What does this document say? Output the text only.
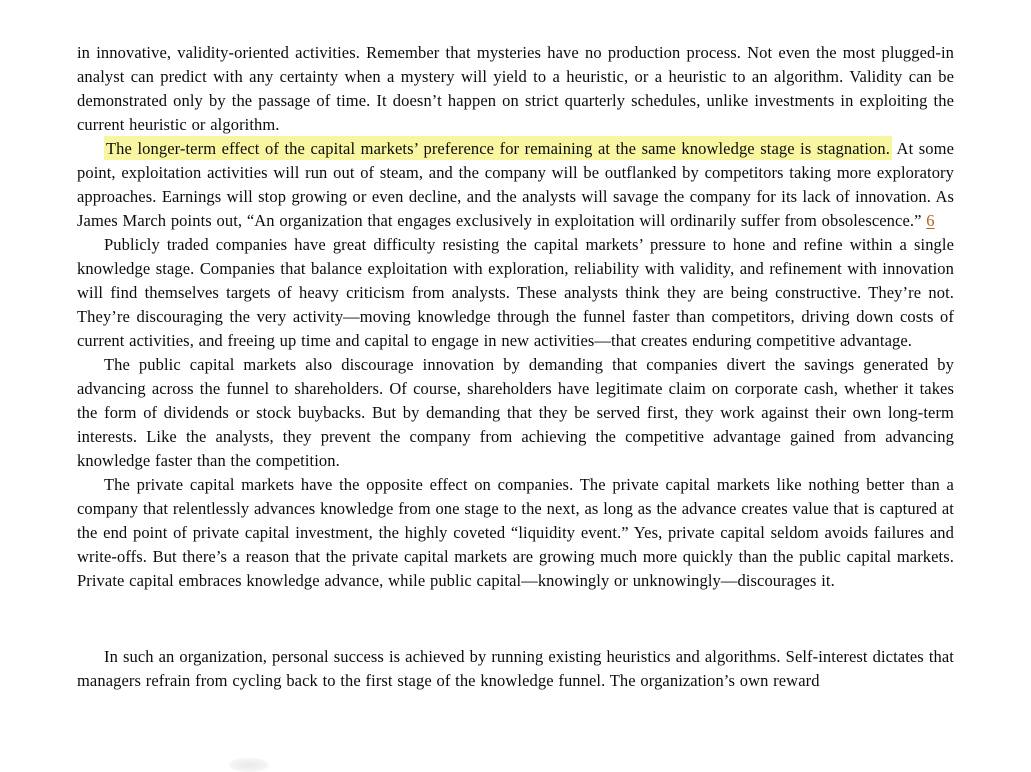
in innovative, validity-oriented activities. Remember that mysteries have no production process. Not even the most plugged-in analyst can predict with any certainty when a mystery will yield to a heuristic, or a heuristic to an algorithm. Validity can be demonstrated only by the passage of time. It doesn’t happen on strict quarterly schedules, unlike investments in exploiting the current heuristic or algorithm.

The longer-term effect of the capital markets’ preference for remaining at the same knowledge stage is stagnation. At some point, exploitation activities will run out of steam, and the company will be outflanked by competitors taking more exploratory approaches. Earnings will stop growing or even decline, and the analysts will savage the company for its lack of innovation. As James March points out, “An organization that engages exclusively in exploitation will ordinarily suffer from obsolescence.” 6

Publicly traded companies have great difficulty resisting the capital markets’ pressure to hone and refine within a single knowledge stage. Companies that balance exploitation with exploration, reliability with validity, and refinement with innovation will find themselves targets of heavy criticism from analysts. These analysts think they are being constructive. They’re not. They’re discouraging the very activity—moving knowledge through the funnel faster than competitors, driving down costs of current activities, and freeing up time and capital to engage in new activities—that creates enduring competitive advantage.

The public capital markets also discourage innovation by demanding that companies divert the savings generated by advancing across the funnel to shareholders. Of course, shareholders have legitimate claim on corporate cash, whether it takes the form of dividends or stock buybacks. But by demanding that they be served first, they work against their own long-term interests. Like the analysts, they prevent the company from achieving the competitive advantage gained from advancing knowledge faster than the competition.

The private capital markets have the opposite effect on companies. The private capital markets like nothing better than a company that relentlessly advances knowledge from one stage to the next, as long as the advance creates value that is captured at the end point of private capital investment, the highly coveted “liquidity event.” Yes, private capital seldom avoids failures and write-offs. But there’s a reason that the private capital markets are growing much more quickly than the public capital markets. Private capital embraces knowledge advance, while public capital—knowingly or unknowingly—discourages it.

In such an organization, personal success is achieved by running existing heuristics and algorithms. Self-interest dictates that managers refrain from cycling back to the first stage of the knowledge funnel. The organization’s own reward
